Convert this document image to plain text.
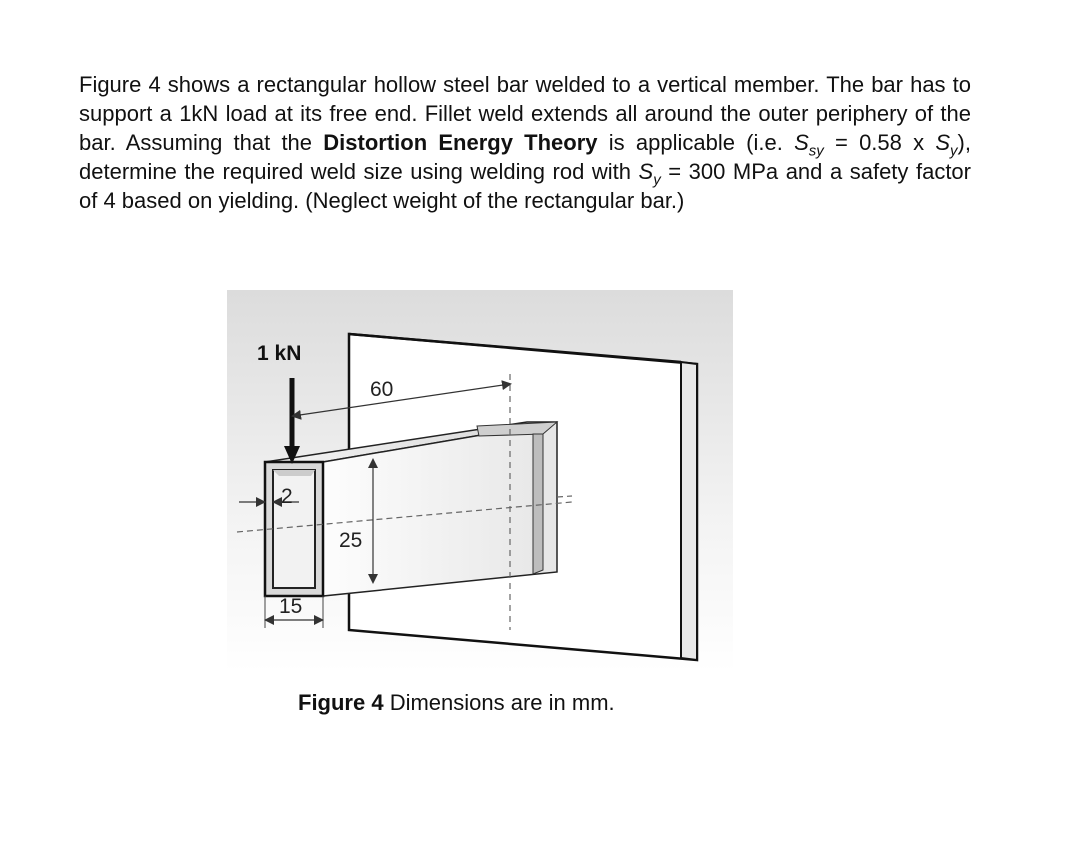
Figure 4 shows a rectangular hollow steel bar welded to a vertical member. The bar has to support a 1kN load at its free end. Fillet weld extends all around the outer periphery of the bar. Assuming that the Distortion Energy Theory is applicable (i.e. $S_{sy} = 0.58$ x $S_y$), determine the required weld size using welding rod with $S_y = 300$ MPa and a safety factor of 4 based on yielding. (Neglect weight of the rectangular bar.)

1 kN
60
25
15
2

Figure 4 Dimensions are in mm.
